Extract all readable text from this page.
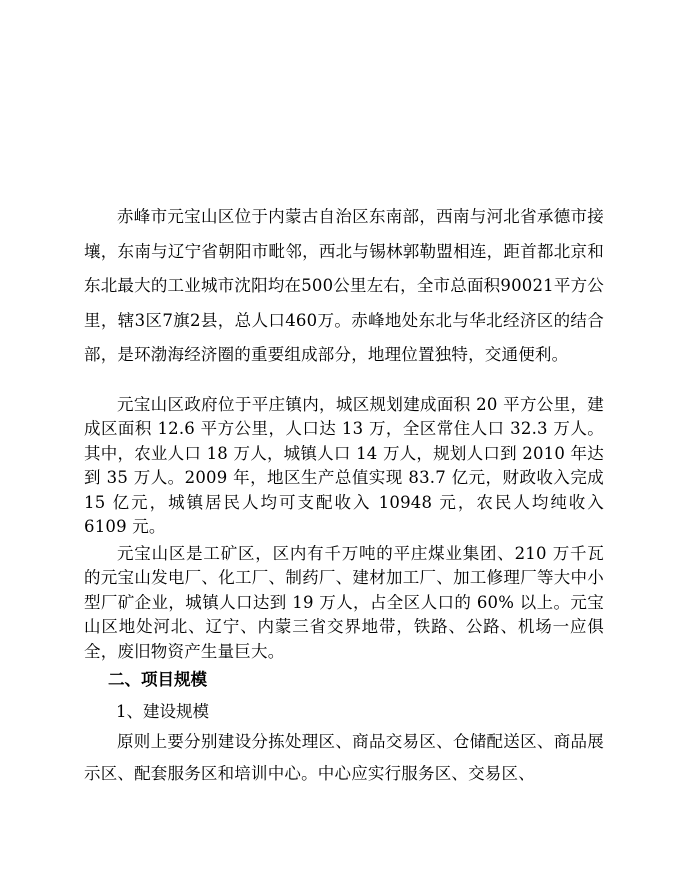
赤峰市元宝山区位于内蒙古自治区东南部，西南与河北省承德市接壤，东南与辽宁省朝阳市毗邻，西北与锡林郭勒盟相连，距首都北京和东北最大的工业城市沈阳均在500公里左右，全市总面积90021平方公里，辖3区7旗2县，总人口460万。赤峰地处东北与华北经济区的结合部，是环渤海经济圈的重要组成部分，地理位置独特，交通便利。

元宝山区政府位于平庄镇内，城区规划建成面积 20 平方公里，建成区面积 12.6 平方公里，人口达 13 万，全区常住人口 32.3 万人。其中，农业人口 18 万人，城镇人口 14 万人，规划人口到 2010 年达到 35 万人。2009 年，地区生产总值实现 83.7 亿元，财政收入完成 15 亿元，城镇居民人均可支配收入 10948 元，农民人均纯收入 6109 元。

元宝山区是工矿区，区内有千万吨的平庄煤业集团、210 万千瓦的元宝山发电厂、化工厂、制药厂、建材加工厂、加工修理厂等大中小型厂矿企业，城镇人口达到 19 万人，占全区人口的 60% 以上。元宝山区地处河北、辽宁、内蒙三省交界地带，铁路、公路、机场一应俱全，废旧物资产生量巨大。

二、项目规模

1、建设规模

原则上要分别建设分拣处理区、商品交易区、仓储配送区、商品展示区、配套服务区和培训中心。中心应实行服务区、交易区、
